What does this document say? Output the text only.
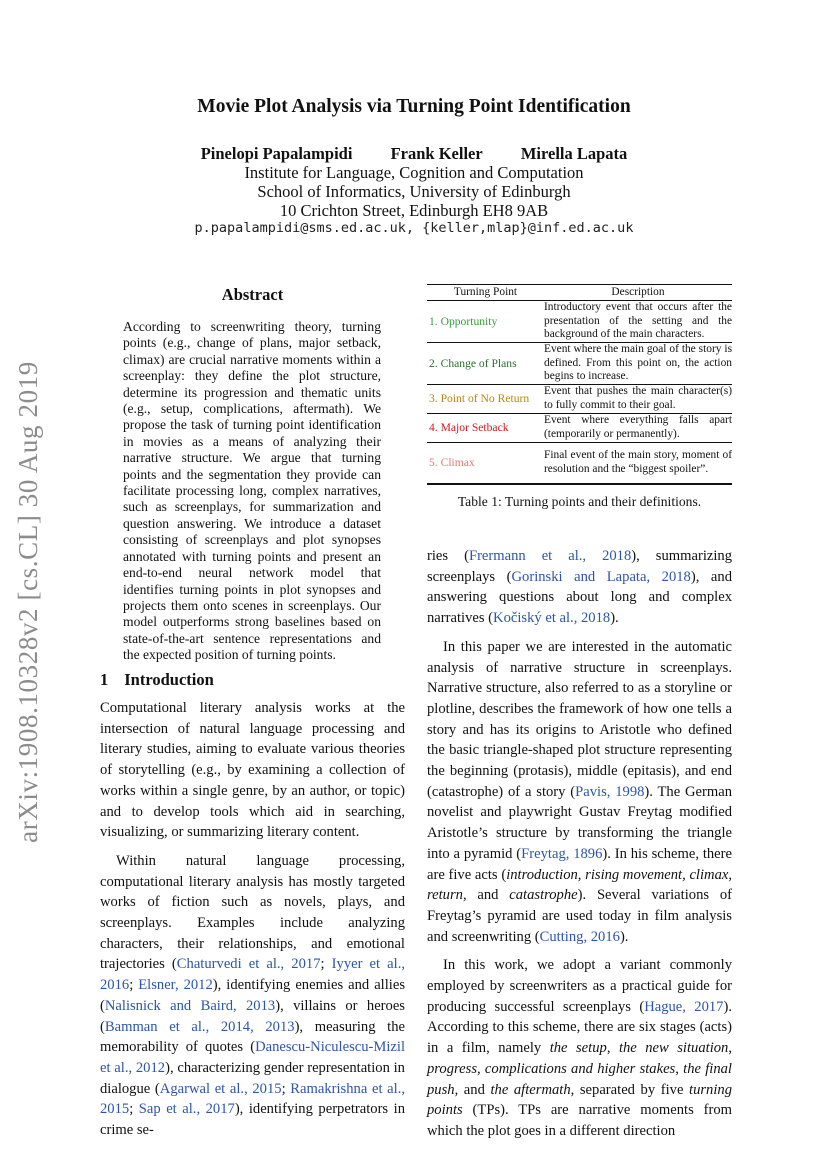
arXiv:1908.10328v2 [cs.CL] 30 Aug 2019
Movie Plot Analysis via Turning Point Identification
Pinelopi Papalampidi Frank Keller Mirella Lapata
Institute for Language, Cognition and Computation
School of Informatics, University of Edinburgh
10 Crichton Street, Edinburgh EH8 9AB
p.papalampidi@sms.ed.ac.uk, {keller,mlap}@inf.ed.ac.uk
Abstract
According to screenwriting theory, turning points (e.g., change of plans, major setback, climax) are crucial narrative moments within a screenplay: they define the plot structure, determine its progression and thematic units (e.g., setup, complications, aftermath). We propose the task of turning point identification in movies as a means of analyzing their narrative structure. We argue that turning points and the segmentation they provide can facilitate processing long, complex narratives, such as screenplays, for summarization and question answering. We introduce a dataset consisting of screenplays and plot synopses annotated with turning points and present an end-to-end neural network model that identifies turning points in plot synopses and projects them onto scenes in screenplays. Our model outperforms strong baselines based on state-of-the-art sentence representations and the expected position of turning points.
1 Introduction

Computational literary analysis works at the intersection of natural language processing and literary studies, aiming to evaluate various theories of storytelling (e.g., by examining a collection of works within a single genre, by an author, or topic) and to develop tools which aid in searching, visualizing, or summarizing literary content.

Within natural language processing, computational literary analysis has mostly targeted works of fiction such as novels, plays, and screenplays. Examples include analyzing characters, their relationships, and emotional trajectories (Chaturvedi et al., 2017; Iyyer et al., 2016; Elsner, 2012), identifying enemies and allies (Nalisnick and Baird, 2013), villains or heroes (Bamman et al., 2014, 2013), measuring the memorability of quotes (Danescu-Niculescu-Mizil et al., 2012), characterizing gender representation in dialogue (Agarwal et al., 2015; Ramakrishna et al., 2015; Sap et al., 2017), identifying perpetrators in crime se-

Turning Point	Description
1. Opportunity
Introductory event that occurs after the presentation of the setting and the background of the main characters.
2. Change of Plans
Event where the main goal of the story is defined. From this point on, the action begins to increase.
3. Point of No Return
Event that pushes the main character(s) to fully commit to their goal.
4. Major Setback
Event where everything falls apart (temporarily or permanently).
5. Climax
Final event of the main story, moment of resolution and the “biggest spoiler”.
Table 1: Turning points and their definitions.

ries (Frermann et al., 2018), summarizing screenplays (Gorinski and Lapata, 2018), and answering questions about long and complex narratives (Kočiský et al., 2018).

In this paper we are interested in the automatic analysis of narrative structure in screenplays. Narrative structure, also referred to as a storyline or plotline, describes the framework of how one tells a story and has its origins to Aristotle who defined the basic triangle-shaped plot structure representing the beginning (protasis), middle (epitasis), and end (catastrophe) of a story (Pavis, 1998). The German novelist and playwright Gustav Freytag modified Aristotle’s structure by transforming the triangle into a pyramid (Freytag, 1896). In his scheme, there are five acts (introduction, rising movement, climax, return, and catastrophe). Several variations of Freytag’s pyramid are used today in film analysis and screenwriting (Cutting, 2016).

In this work, we adopt a variant commonly employed by screenwriters as a practical guide for producing successful screenplays (Hague, 2017). According to this scheme, there are six stages (acts) in a film, namely the setup, the new situation, progress, complications and higher stakes, the final push, and the aftermath, separated by five turning points (TPs). TPs are narrative moments from which the plot goes in a different direction
